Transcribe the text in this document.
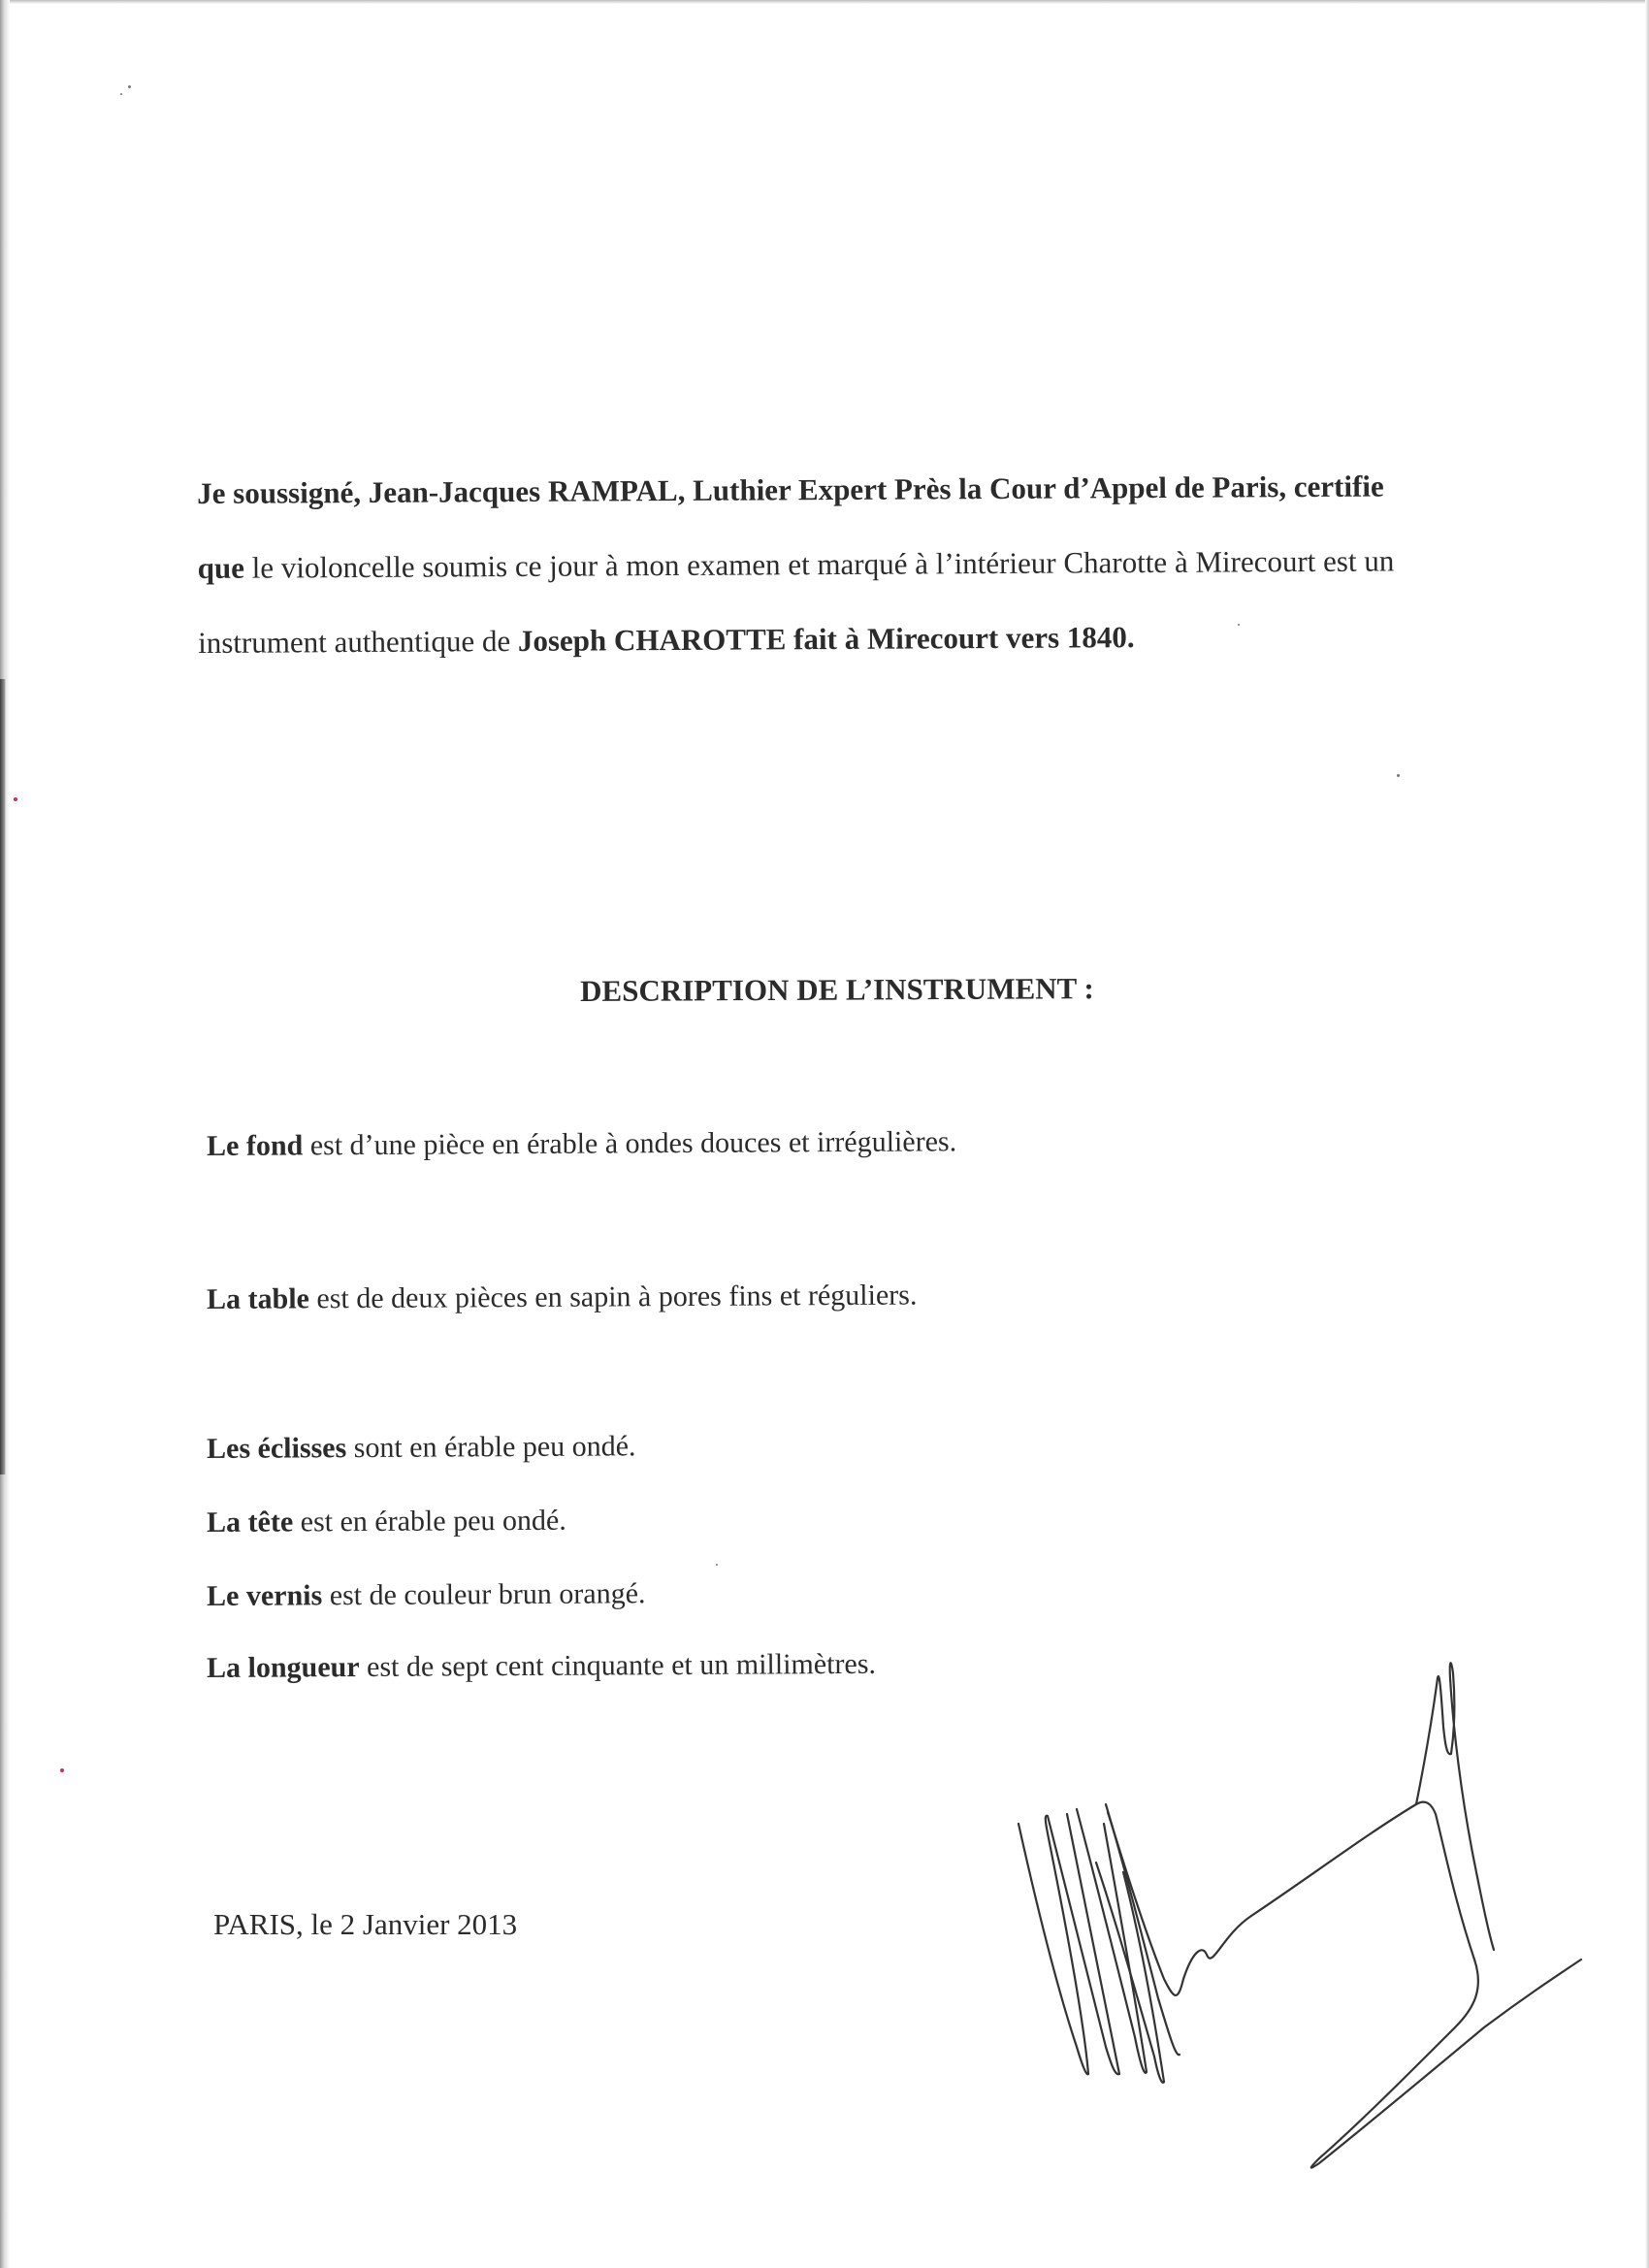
Je soussigné, Jean-Jacques RAMPAL, Luthier Expert Près la Cour d’Appel de Paris, certifie
que le violoncelle soumis ce jour à mon examen et marqué à l’intérieur Charotte à Mirecourt est un
instrument authentique de Joseph CHAROTTE fait à Mirecourt vers 1840.
DESCRIPTION DE L’INSTRUMENT :
Le fond est d’une pièce en érable à ondes douces et irrégulières.
La table est de deux pièces en sapin à pores fins et réguliers.
Les éclisses sont en érable peu ondé.
La tête est en érable peu ondé.
Le vernis est de couleur brun orangé.
La longueur est de sept cent cinquante et un millimètres.
PARIS, le 2 Janvier 2013
